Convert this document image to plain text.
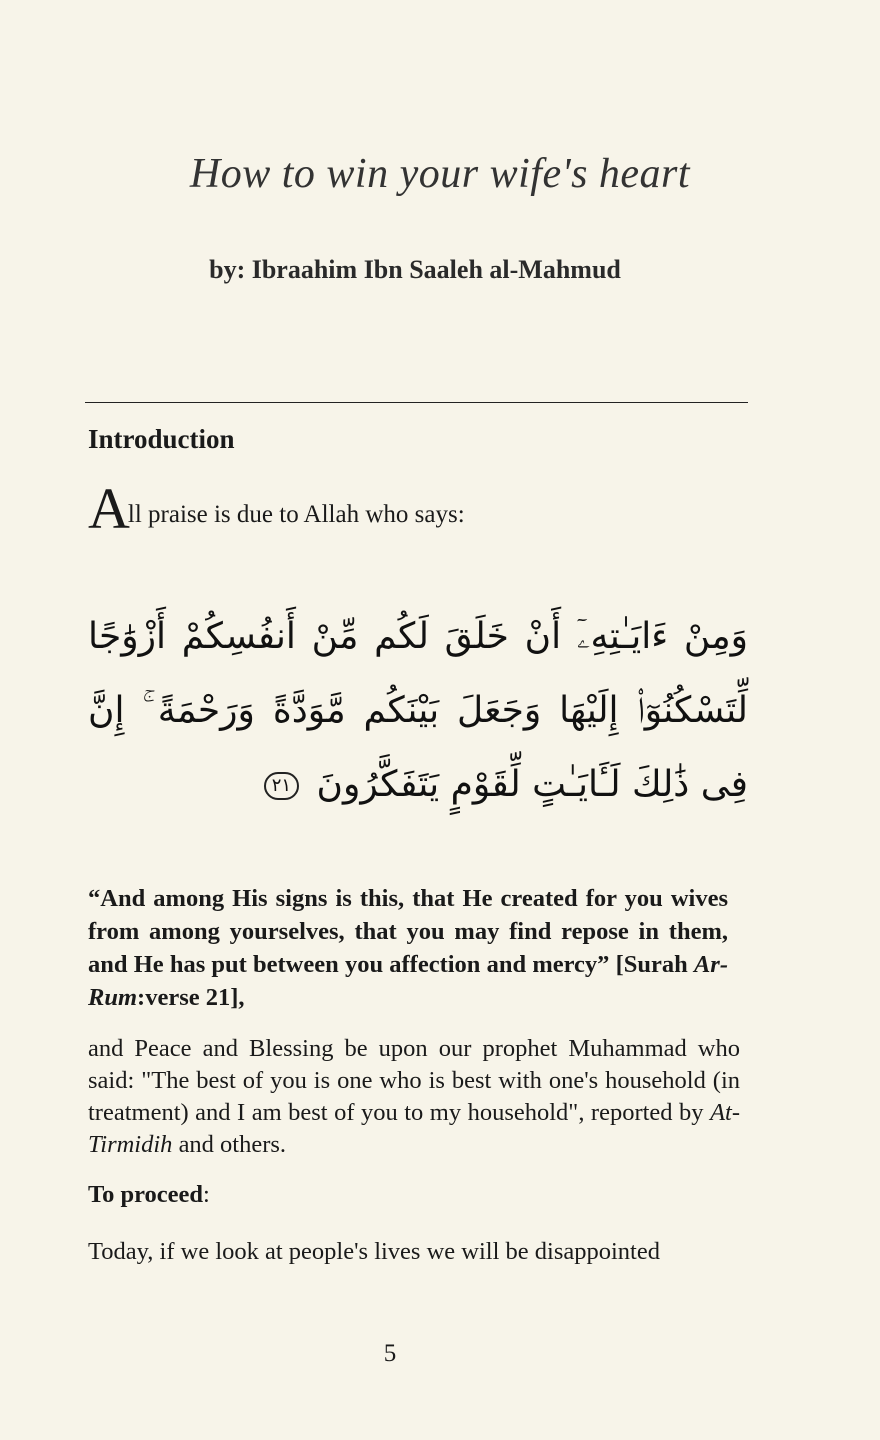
How to win your wife's heart
by: Ibraahim Ibn Saaleh al-Mahmud
Introduction
All praise is due to Allah who says:
وَمِنْ ءَايَـٰتِهِۦٓ أَنْ خَلَقَ لَكُم مِّنْ أَنفُسِكُمْ أَزْوَٰجًا لِّتَسْكُنُوٓا۟ إِلَيْهَا وَجَعَلَ بَيْنَكُم مَّوَدَّةً وَرَحْمَةً ۚ إِنَّ فِى ذَٰلِكَ لَـَٔايَـٰتٍ لِّقَوْمٍ يَتَفَكَّرُونَ ٢١
“And among His signs is this, that He created for you wives from among yourselves, that you may find repose in them, and He has put between you affection and mercy” [Surah Ar-Rum:verse 21],
and Peace and Blessing be upon our prophet Muhammad who said: "The best of you is one who is best with one's household (in treatment) and I am best of you to my household", reported by At-Tirmidih and others.
To proceed:
Today, if we look at people's lives we will be disappointed
5
